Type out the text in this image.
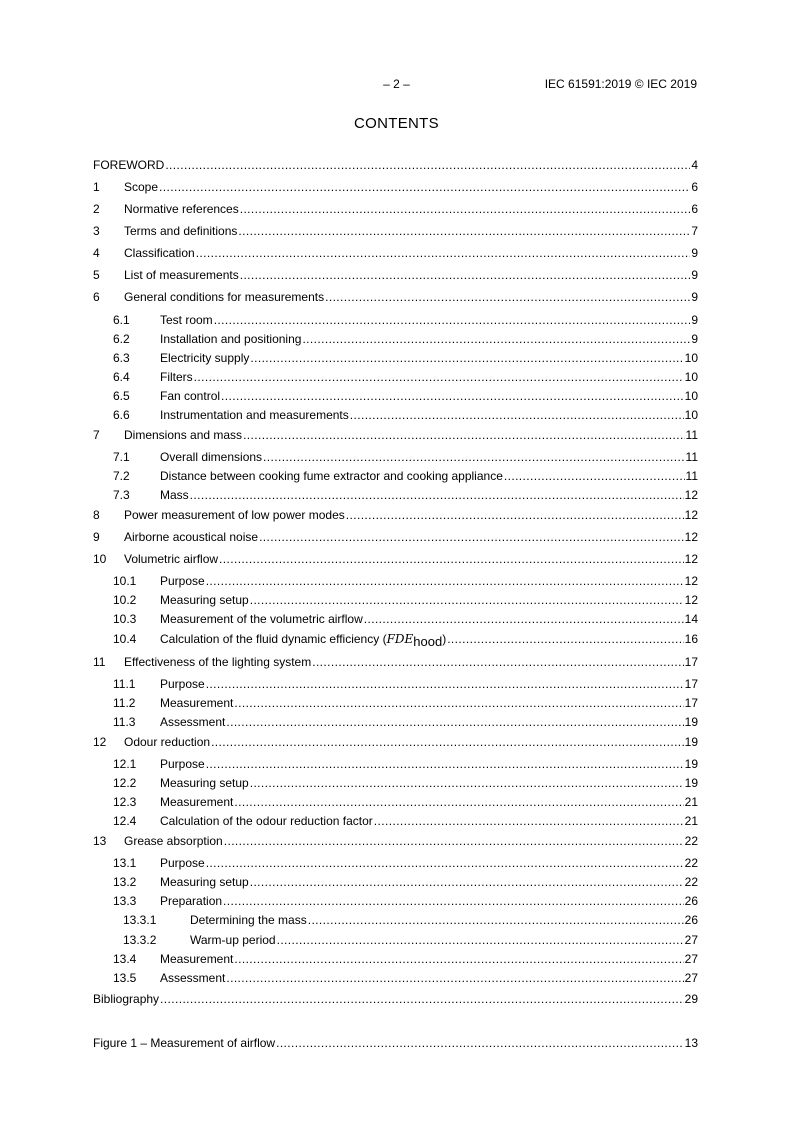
– 2 –	IEC 61591:2019 © IEC 2019
CONTENTS
FOREWORD .....	4
1	Scope .....	6
2	Normative references .....	6
3	Terms and definitions .....	7
4	Classification .....	9
5	List of measurements .....	9
6	General conditions for measurements .....	9
6.1	Test room .....	9
6.2	Installation and positioning .....	9
6.3	Electricity supply .....	10
6.4	Filters .....	10
6.5	Fan control .....	10
6.6	Instrumentation and measurements .....	10
7	Dimensions and mass .....	11
7.1	Overall dimensions .....	11
7.2	Distance between cooking fume extractor and cooking appliance .....	11
7.3	Mass .....	12
8	Power measurement of low power modes .....	12
9	Airborne acoustical noise .....	12
10	Volumetric airflow .....	12
10.1	Purpose .....	12
10.2	Measuring setup .....	12
10.3	Measurement of the volumetric airflow .....	14
10.4	Calculation of the fluid dynamic efficiency (FDEhood) .....	16
11	Effectiveness of the lighting system .....	17
11.1	Purpose .....	17
11.2	Measurement .....	17
11.3	Assessment .....	19
12	Odour reduction .....	19
12.1	Purpose .....	19
12.2	Measuring setup .....	19
12.3	Measurement .....	21
12.4	Calculation of the odour reduction factor .....	21
13	Grease absorption .....	22
13.1	Purpose .....	22
13.2	Measuring setup .....	22
13.3	Preparation .....	26
13.3.1	Determining the mass .....	26
13.3.2	Warm-up period .....	27
13.4	Measurement .....	27
13.5	Assessment .....	27
Bibliography .....	29
Figure 1 – Measurement of airflow .....	13
